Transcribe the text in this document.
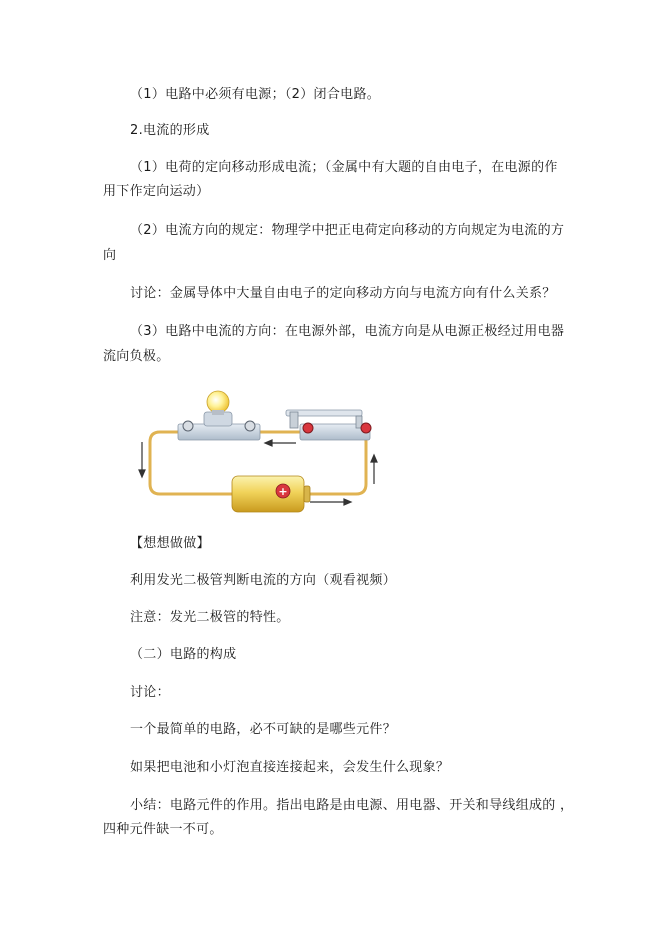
（1）电路中必须有电源；（2）闭合电路。
2.电流的形成
（1）电荷的定向移动形成电流；（金属中有大题的自由电子，在电源的作
用下作定向运动）
（2）电流方向的规定：物理学中把正电荷定向移动的方向规定为电流的方
向
讨论：金属导体中大量自由电子的定向移动方向与电流方向有什么关系？
（3）电路中电流的方向：在电源外部，电流方向是从电源正极经过用电器
流向负极。
+
【想想做做】
利用发光二极管判断电流的方向（观看视频）
注意：发光二极管的特性。
（二）电路的构成
讨论：
一个最简单的电路，必不可缺的是哪些元件？
如果把电池和小灯泡直接连接起来，会发生什么现象？
小结：电路元件的作用。指出电路是由电源、用电器、开关和导线组成的 ，
四种元件缺一不可。
